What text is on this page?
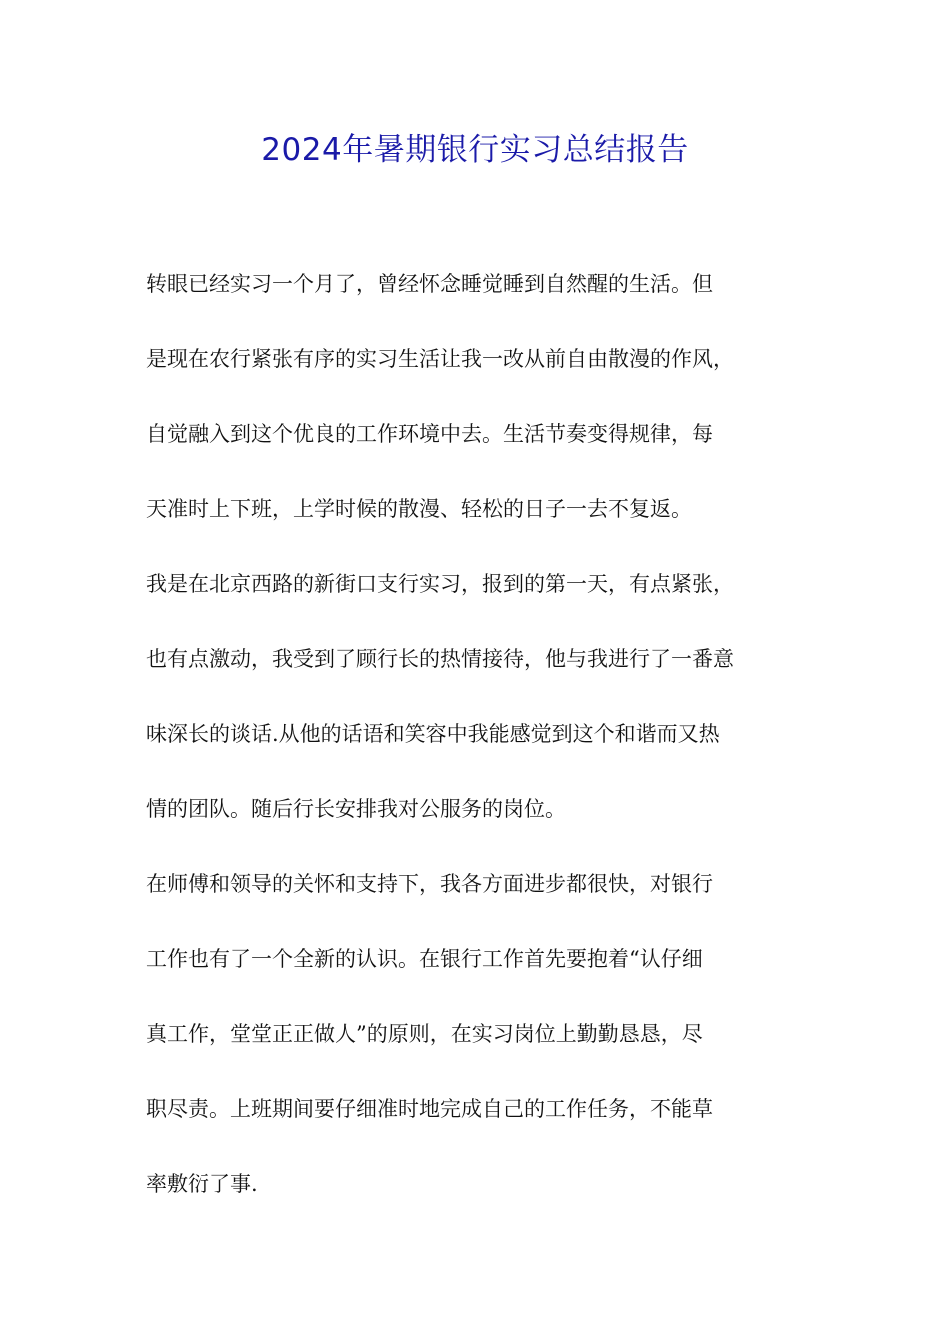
2024年暑期银行实习总结报告
转眼已经实习一个月了，曾经怀念睡觉睡到自然醒的生活。但
是现在农行紧张有序的实习生活让我一改从前自由散漫的作风，
自觉融入到这个优良的工作环境中去。生活节奏变得规律，每
天准时上下班，上学时候的散漫、轻松的日子一去不复返。
我是在北京西路的新街口支行实习，报到的第一天，有点紧张，
也有点激动，我受到了顾行长的热情接待，他与我进行了一番意
味深长的谈话.从他的话语和笑容中我能感觉到这个和谐而又热
情的团队。随后行长安排我对公服务的岗位。
在师傅和领导的关怀和支持下，我各方面进步都很快，对银行
工作也有了一个全新的认识。在银行工作首先要抱着“认仔细
真工作，堂堂正正做人”的原则，在实习岗位上勤勤恳恳，尽
职尽责。上班期间要仔细准时地完成自己的工作任务，不能草
率敷衍了事.
